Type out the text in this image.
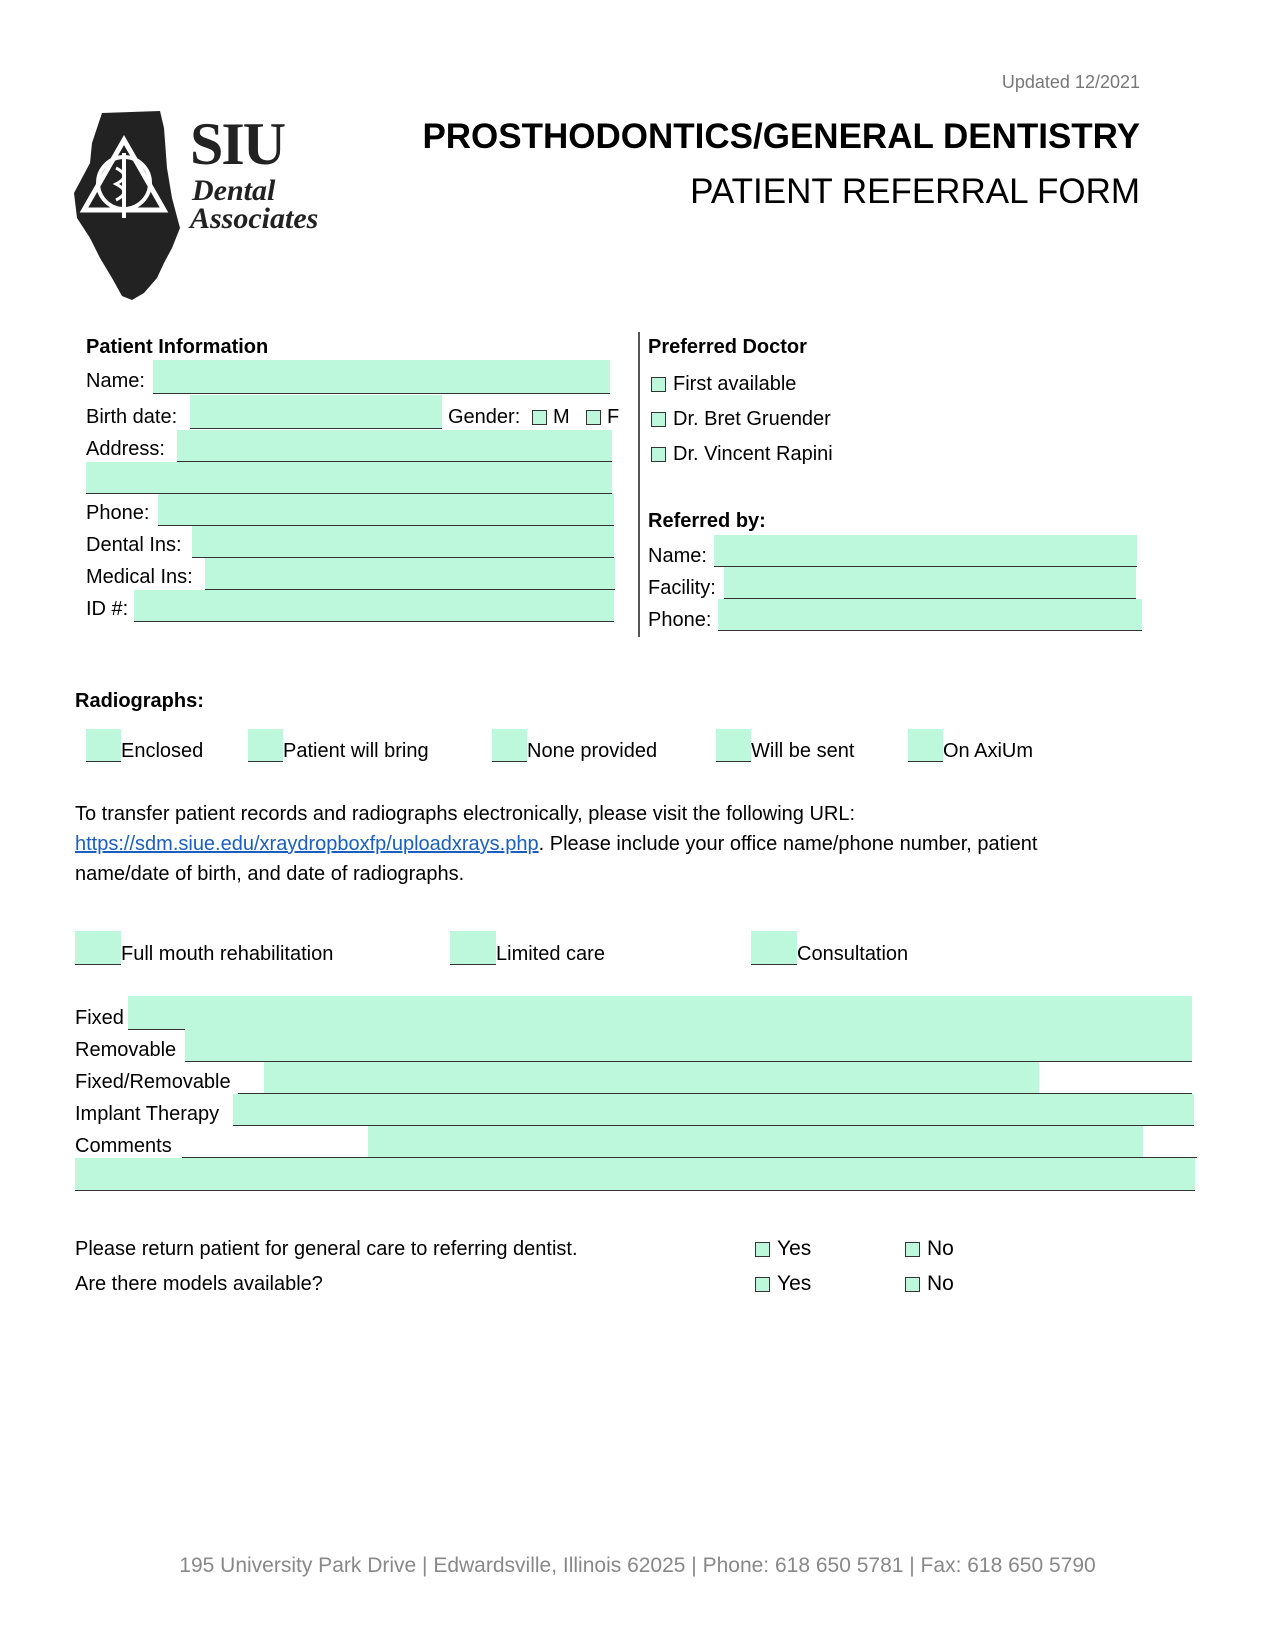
Updated 12/2021
SIU
Dental
Associates
PROSTHODONTICS/GENERAL DENTISTRY
PATIENT REFERRAL FORM
Patient Information
Name:
Birth date:	Gender: M F
Address:
Phone:
Dental Ins:
Medical Ins:
ID #:
Preferred Doctor
First available
Dr. Bret Gruender
Dr. Vincent Rapini
Referred by:
Name:
Facility:
Phone:
Radiographs:
Enclosed	Patient will bring	None provided	Will be sent	On AxiUm
To transfer patient records and radiographs electronically, please visit the following URL:
https://sdm.siue.edu/xraydropboxfp/uploadxrays.php. Please include your office name/phone number, patient
name/date of birth, and date of radiographs.
Full mouth rehabilitation	Limited care	Consultation
Fixed
Removable
Fixed/Removable
Implant Therapy
Comments
Please return patient for general care to referring dentist.	Yes	No
Are there models available?	Yes	No
195 University Park Drive | Edwardsville, Illinois 62025 | Phone: 618 650 5781 | Fax: 618 650 5790
